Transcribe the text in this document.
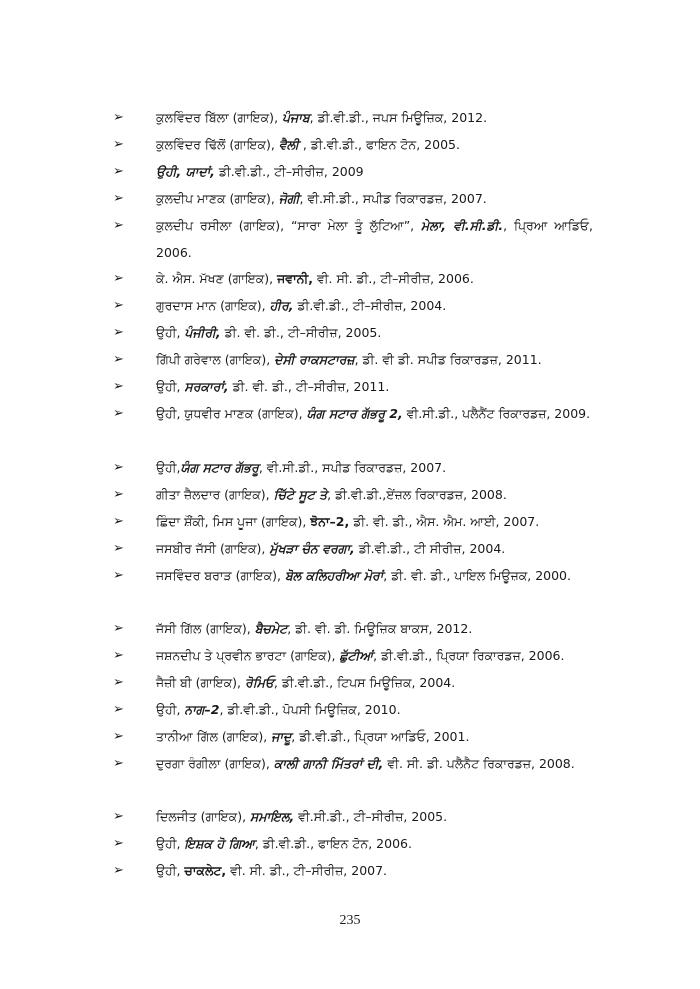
➢	ਕੁਲਵਿੰਦਰ ਬਿੱਲਾ (ਗਾਇਕ), ਪੰਜਾਬ, ਡੀ.ਵੀ.ਡੀ., ਜਪਸ ਮਿਊਜ਼ਿਕ, 2012.
➢	ਕੁਲਵਿੰਦਰ ਢਿੱਲੋਂ (ਗਾਇਕ), ਵੈਲੀ , ਡੀ.ਵੀ.ਡੀ., ਫਾਇਨ ਟੋਨ, 2005.
➢	ਉਹੀ, ਯਾਦਾਂ, ਡੀ.ਵੀ.ਡੀ., ਟੀ–ਸੀਰੀਜ਼, 2009
➢	ਕੁਲਦੀਪ ਮਾਣਕ (ਗਾਇਕ), ਜੋਗੀ, ਵੀ.ਸੀ.ਡੀ., ਸਪੀਡ ਰਿਕਾਰਡਜ਼, 2007.
➢	ਕੁਲਦੀਪ ਰਸੀਲਾ (ਗਾਇਕ), “ਸਾਰਾ ਮੇਲਾ ਤੂੰ ਲੁੱਟਿਆ”, ਮੇਲਾ, ਵੀ.ਸੀ.ਡੀ., ਪ੍ਰਿਆ ਆਡਿਓ, 2006.
➢	ਕੇ. ਐਸ. ਮੱਖਣ (ਗਾਇਕ), ਜਵਾਨੀ, ਵੀ. ਸੀ. ਡੀ., ਟੀ–ਸੀਰੀਜ਼, 2006.
➢	ਗੁਰਦਾਸ ਮਾਨ (ਗਾਇਕ), ਹੀਰ, ਡੀ.ਵੀ.ਡੀ., ਟੀ–ਸੀਰੀਜ਼, 2004.
➢	ਉਹੀ, ਪੰਜੀਰੀ, ਡੀ. ਵੀ. ਡੀ., ਟੀ–ਸੀਰੀਜ਼, 2005.
➢	ਗਿੱਪੀ ਗਰੇਵਾਲ (ਗਾਇਕ), ਦੇਸੀ ਰਾਕਸਟਾਰਜ਼, ਡੀ. ਵੀ ਡੀ. ਸਪੀਡ ਰਿਕਾਰਡਜ਼, 2011.
➢	ਉਹੀ, ਸਰਕਾਰਾਂ, ਡੀ. ਵੀ. ਡੀ., ਟੀ–ਸੀਰੀਜ਼, 2011.
➢	ਉਹੀ, ਯੁਧਵੀਰ ਮਾਣਕ (ਗਾਇਕ), ਯੰਗ ਸਟਾਰ ਗੱਭਰੂ 2, ਵੀ.ਸੀ.ਡੀ., ਪਲੈਨੈਂਟ ਰਿਕਾਰਡਜ਼, 2009.
➢	ਉਹੀ,ਯੰਗ ਸਟਾਰ ਗੱਭਰੂ, ਵੀ.ਸੀ.ਡੀ., ਸਪੀਡ ਰਿਕਾਰਡਜ਼, 2007.
➢	ਗੀਤਾ ਜ਼ੈਲਦਾਰ (ਗਾਇਕ), ਚਿੱਟੇ ਸੂਟ ਤੇ, ਡੀ.ਵੀ.ਡੀ.,ਏਂਜ਼ਲ ਰਿਕਾਰਡਜ਼, 2008.
➢	ਛਿੰਦਾ ਸ਼ੌਂਕੀ, ਮਿਸ ਪੂਜਾ (ਗਾਇਕ), ਝੋਨਾ–2, ਡੀ. ਵੀ. ਡੀ., ਐਸ. ਐਮ. ਆਈ, 2007.
➢	ਜਸਬੀਰ ਜੱਸੀ (ਗਾਇਕ), ਮੁੱਖੜਾ ਚੰਨ ਵਰਗਾ, ਡੀ.ਵੀ.ਡੀ., ਟੀ ਸੀਰੀਜ਼, 2004.
➢	ਜਸਵਿੰਦਰ ਬਰਾੜ (ਗਾਇਕ), ਬੋਲ ਕਲਿਹਰੀਆ ਮੋਰਾਂ, ਡੀ. ਵੀ. ਡੀ., ਪਾਇਲ ਮਿਊਜ਼ਕ, 2000.
➢	ਜੱਸੀ ਗਿੱਲ (ਗਾਇਕ), ਬੈਚਮੇਟ, ਡੀ. ਵੀ. ਡੀ. ਮਿਊਜ਼ਿਕ ਬਾਕਸ, 2012.
➢	ਜਸ਼ਨਦੀਪ ਤੇ ਪ੍ਰਵੀਨ ਭਾਰਟਾ (ਗਾਇਕ), ਛੁੱਟੀਆਂ, ਡੀ.ਵੀ.ਡੀ., ਪ੍ਰਿਯਾ ਰਿਕਾਰਡਜ਼, 2006.
➢	ਜੈਜ਼ੀ ਬੀ (ਗਾਇਕ), ਰੋਮਿਓ, ਡੀ.ਵੀ.ਡੀ., ਟਿਪਸ ਮਿਊਜ਼ਿਕ, 2004.
➢	ਉਹੀ, ਨਾਗ–2, ਡੀ.ਵੀ.ਡੀ., ਪੋਪਸੀ ਮਿਊਜ਼ਿਕ, 2010.
➢	ਤਾਨੀਆ ਗਿੱਲ (ਗਾਇਕ), ਜਾਦੂ, ਡੀ.ਵੀ.ਡੀ., ਪ੍ਰਿਯਾ ਆਡਿਓ, 2001.
➢	ਦੁਰਗਾ ਰੰਗੀਲਾ (ਗਾਇਕ), ਕਾਲੀ ਗਾਨੀ ਮਿੱਤਰਾਂ ਦੀ, ਵੀ. ਸੀ. ਡੀ. ਪਲੈਨੈਟ ਰਿਕਾਰਡਜ਼, 2008.
➢	ਦਿਲਜੀਤ (ਗਾਇਕ), ਸਮਾਇਲ, ਵੀ.ਸੀ.ਡੀ., ਟੀ–ਸੀਰੀਜ਼, 2005.
➢	ਉਹੀ, ਇਸ਼ਕ ਹੋ ਗਿਆ, ਡੀ.ਵੀ.ਡੀ., ਫਾਇਨ ਟੋਨ, 2006.
➢	ਉਹੀ, ਚਾਕਲੇਟ, ਵੀ. ਸੀ. ਡੀ., ਟੀ–ਸੀਰੀਜ਼, 2007.
235
